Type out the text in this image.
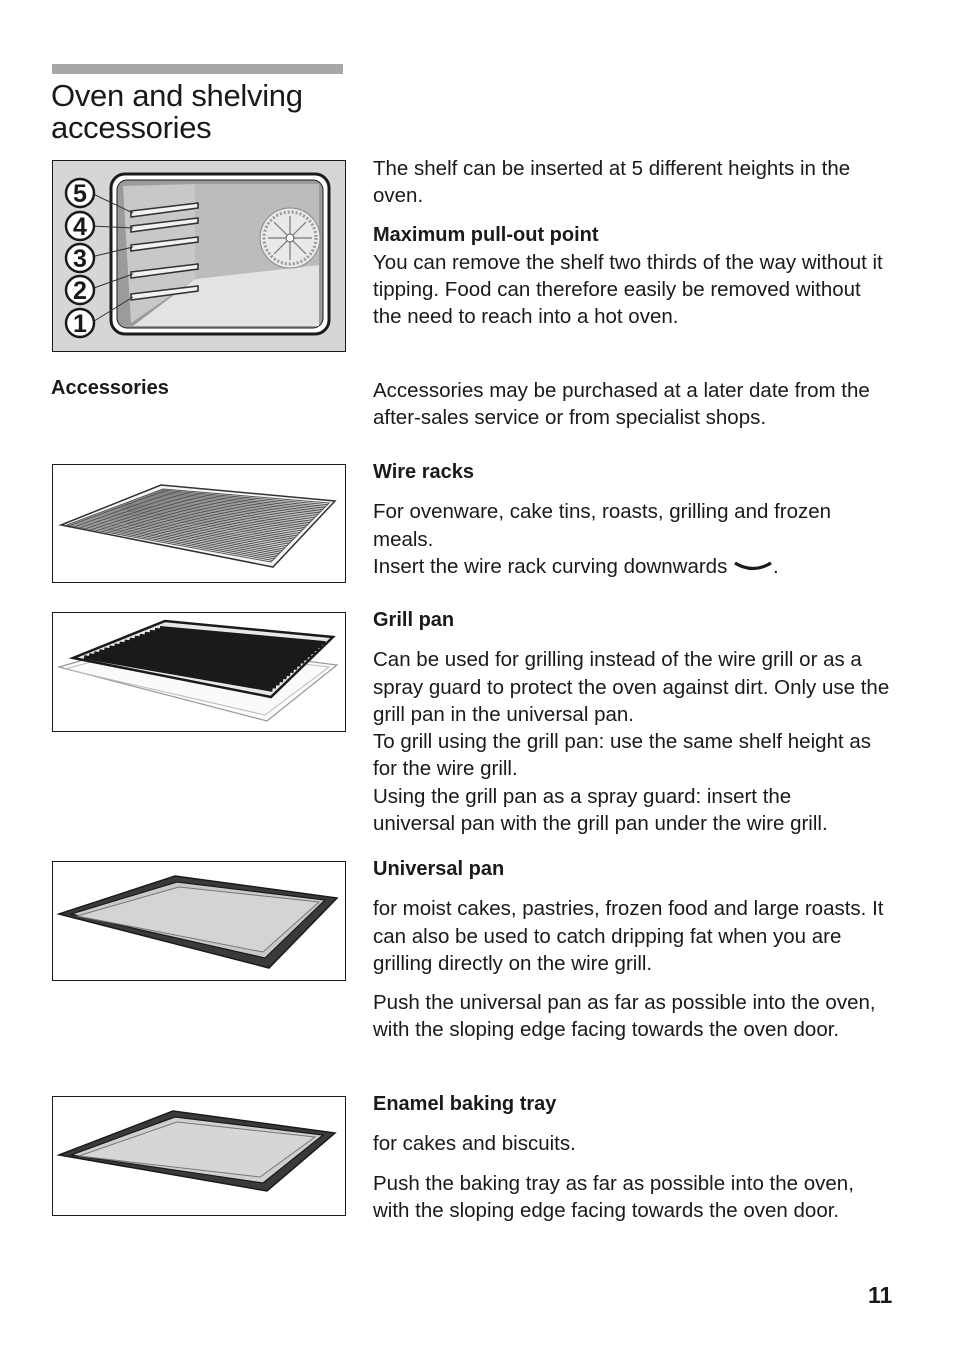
Oven and shelving accessories
5
4
3
2
1

The shelf can be inserted at 5 different heights in the oven.

Maximum pull-out point

You can remove the shelf two thirds of the way without it tipping. Food can therefore easily be removed without the need to reach into a hot oven.

Accessories	Accessories may be purchased at a later date from the after-sales service or from specialist shops.

Wire racks

For ovenware, cake tins, roasts, grilling and frozen meals.

Insert the wire rack curving downwards .

Grill pan

Can be used for grilling instead of the wire grill or as a spray guard to protect the oven against dirt. Only use the grill pan in the universal pan.

To grill using the grill pan: use the same shelf height as for the wire grill.

Using the grill pan as a spray guard: insert the universal pan with the grill pan under the wire grill.

Universal pan

for moist cakes, pastries, frozen food and large roasts. It can also be used to catch dripping fat when you are grilling directly on the wire grill.

Push the universal pan as far as possible into the oven, with the sloping edge facing towards the oven door.

Enamel baking tray

for cakes and biscuits.

Push the baking tray as far as possible into the oven, with the sloping edge facing towards the oven door.

11
